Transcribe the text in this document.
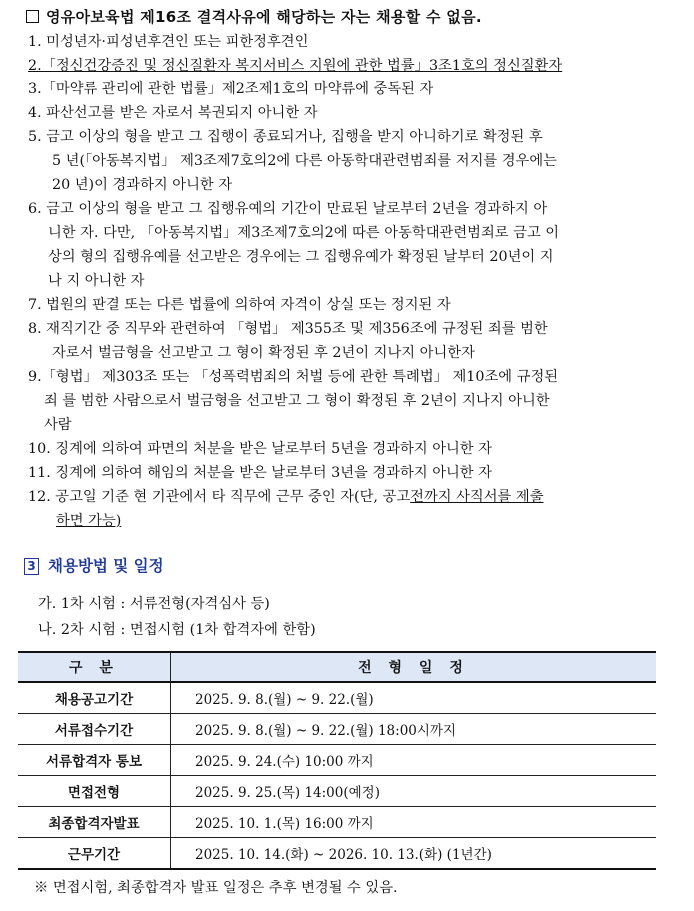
영유아보육법 제16조 결격사유에 해당하는 자는 채용할 수 없음.
1. 미성년자·피성년후견인 또는 피한정후견인
2.「정신건강증진 및 정신질환자 복지서비스 지원에 관한 법률」3조1호의 정신질환자
3.「마약류 관리에 관한 법률」제2조제1호의 마약류에 중독된 자
4. 파산선고를 받은 자로서 복권되지 아니한 자
5. 금고 이상의 형을 받고 그 집행이 종료되거나, 집행을 받지 아니하기로 확정된 후
5 년(「아동복지법」 제3조제7호의2에 다른 아동학대관련범죄를 저지를 경우에는
20 년)이 경과하지 아니한 자
6. 금고 이상의 형을 받고 그 집행유예의 기간이 만료된 날로부터 2년을 경과하지 아
니한 자. 다만, 「아동복지법」제3조제7호의2에 따른 아동학대관련범죄로 금고 이
상의 형의 집행유예를 선고받은 경우에는 그 집행유예가 확정된 날부터 20년이 지
나 지 아니한 자
7. 법원의 판결 또는 다른 법률에 의하여 자격이 상실 또는 정지된 자
8. 재직기간 중 직무와 관련하여 「형법」 제355조 및 제356조에 규정된 죄를 범한
자로서 벌금형을 선고받고 그 형이 확정된 후 2년이 지나지 아니한자
9.「형법」 제303조 또는 「성폭력범죄의 처벌 등에 관한 특례법」 제10조에 규정된
죄 를 범한 사람으로서 벌금형을 선고받고 그 형이 확정된 후 2년이 지나지 아니한
사람
10. 징계에 의하여 파면의 처분을 받은 날로부터 5년을 경과하지 아니한 자
11. 징계에 의하여 해임의 처분을 받은 날로부터 3년을 경과하지 아니한 자
12. 공고일 기준 현 기관에서 타 직무에 근무 중인 자(단, 공고전까지 사직서를 제출
하면 가능)
3 채용방법 및 일정
가. 1차 시험 : 서류전형(자격심사 등)
나. 2차 시험 : 면접시험 (1차 합격자에 한함)
구 분	전 형 일 정
채용공고기간	2025. 9. 8.(월) ~ 9. 22.(월)
서류접수기간	2025. 9. 8.(월) ~ 9. 22.(월) 18:00시까지
서류합격자 통보	2025. 9. 24.(수) 10:00 까지
면접전형	2025. 9. 25.(목) 14:00(예정)
최종합격자발표	2025. 10. 1.(목) 16:00 까지
근무기간	2025. 10. 14.(화) ~ 2026. 10. 13.(화) (1년간)
※ 면접시험, 최종합격자 발표 일정은 추후 변경될 수 있음.
